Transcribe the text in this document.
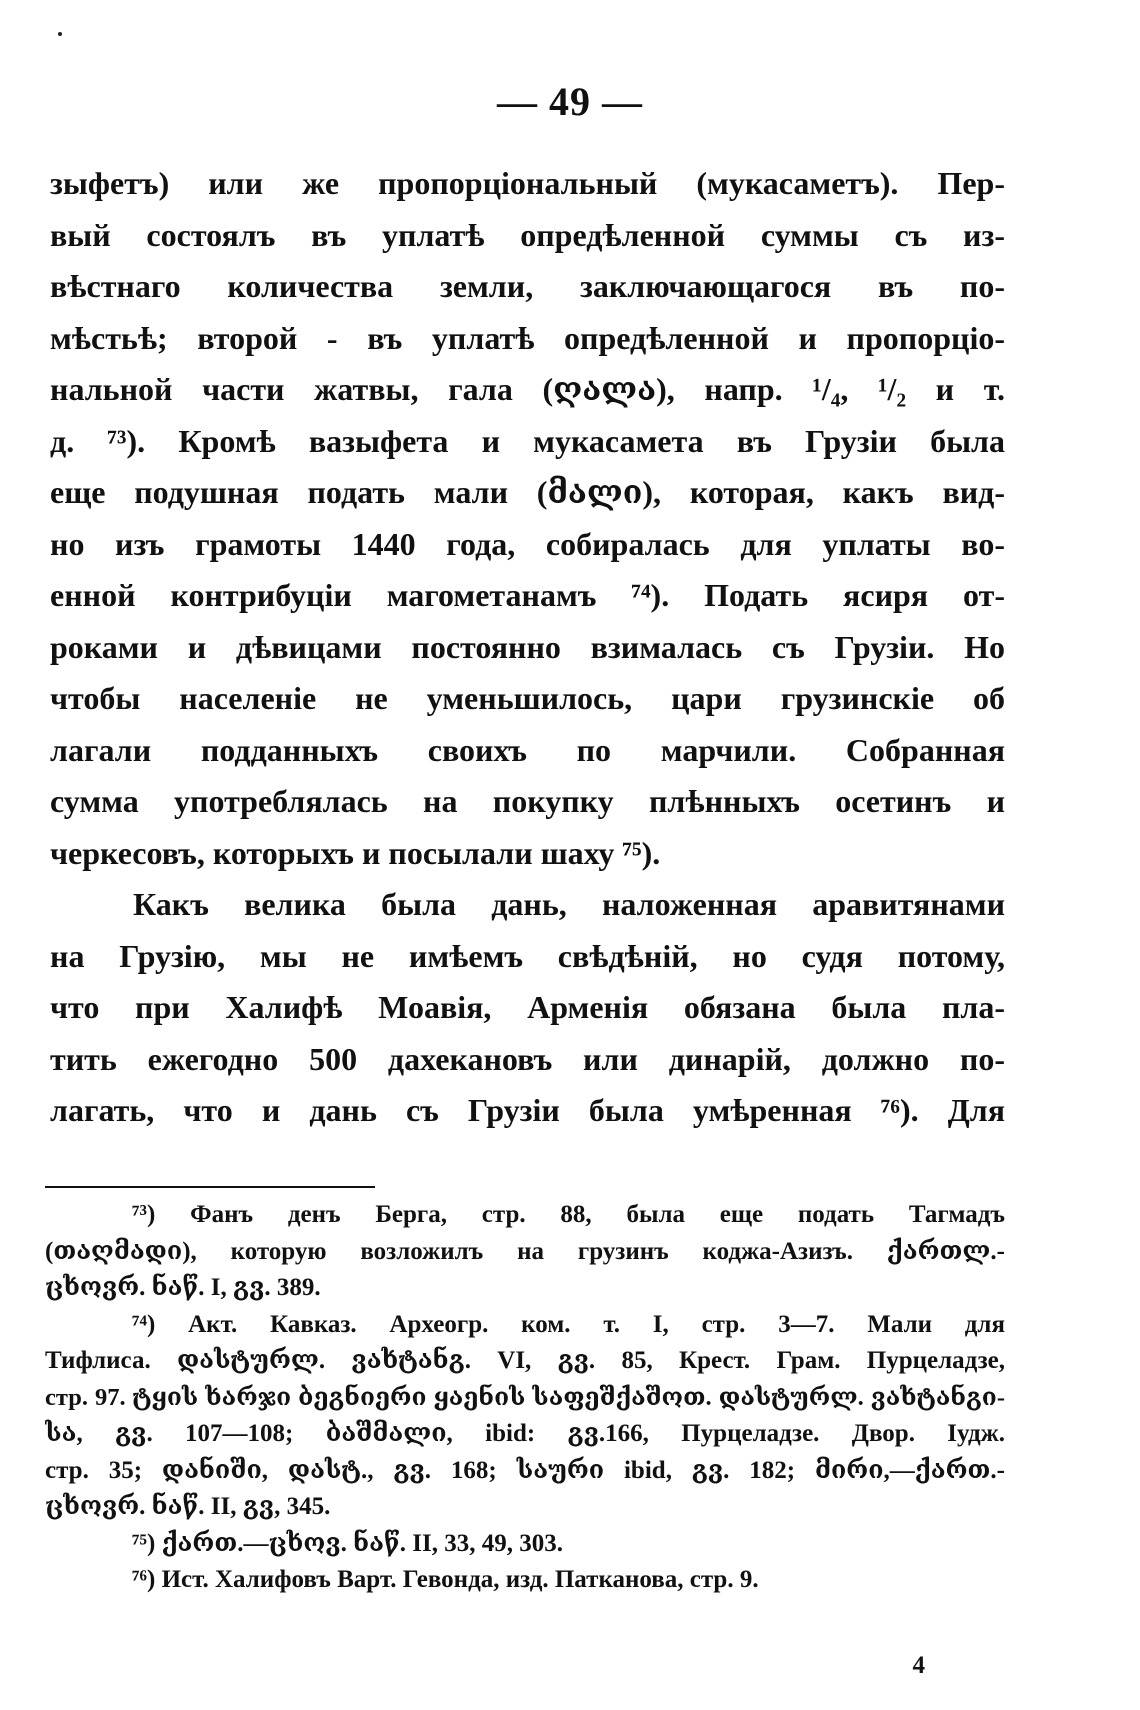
— 49 —
зыфетъ) или же пропорціональный (мукасаметъ). Пер-
вый состоялъ въ уплатѣ опредѣленной суммы съ из-
вѣстнаго количества земли, заключающагося въ по-
мѣстьѣ; второй - въ уплатѣ опредѣленной и пропорціо-
нальной части жатвы, гала (ღალა), напр. ¹/₄, ¹/₂ и т.
д. ⁷³). Кромѣ вазыфета и мукасамета въ Грузіи была
еще подушная подать мали (მალი), которая, какъ вид-
но изъ грамоты 1440 года, собиралась для уплаты во-
енной контрибуціи магометанамъ ⁷⁴). Подать ясиря от-
роками и дѣвицами постоянно взималась съ Грузіи. Но
чтобы населеніе не уменьшилось, цари грузинскіе об
лагали подданныхъ своихъ по марчили. Собранная
сумма употреблялась на покупку плѣнныхъ осетинъ и
черкесовъ, которыхъ и посылали шаху ⁷⁵).
Какъ велика была дань, наложенная аравитянами
на Грузію, мы не имѣемъ свѣдѣній, но судя потому,
что при Халифѣ Моавія, Арменія обязана была пла-
тить ежегодно 500 дахекановъ или динарій, должно по-
лагать, что и дань съ Грузіи была умѣренная ⁷⁶). Для
⁷³) Фанъ денъ Берга, стр. 88, была еще подать Тагмадъ
(თაღმადი), которую возложилъ на грузинъ коджа-Азизъ. ქართლ.-
ცხოვრ. ნაწ. I, გვ. 389.
⁷⁴) Акт. Кавказ. Археогр. ком. т. I, стр. 3—7. Мали для
Тифлиса. დასტურლ. ვახტანგ. VI, გვ. 85, Крест. Грам. Пурцеладзе,
стр. 97. ტყის ხარჯი ბეგნიერი ყაენის საფეშქაშოთ. დასტურლ. ვახტანგი-
სა, გვ. 107—108; ბაშმალი, ibid: გვ.166, Пурцеладзе. Двор. Іудж.
стр. 35; დანიში, დასტ., გვ. 168; საური ibid, გვ. 182; მირი,—ქართ.-
ცხოვრ. ნაწ. II, გვ, 345.
⁷⁵) ქართ.—ცხოვ. ნაწ. II, 33, 49, 303.
⁷⁶) Ист. Халифовъ Варт. Гевонда, изд. Патканова, стр. 9.
4
